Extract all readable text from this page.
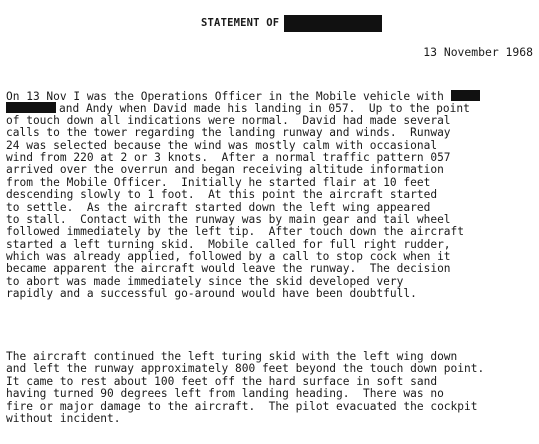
STATEMENT OF
13 November 1968
On 13 Nov I was the Operations Officer in the Mobile vehicle with
and Andy when David made his landing in 057.  Up to the point
of touch down all indications were normal.  David had made several
calls to the tower regarding the landing runway and winds.  Runway
24 was selected because the wind was mostly calm with occasional
wind from 220 at 2 or 3 knots.  After a normal traffic pattern 057
arrived over the overrun and began receiving altitude information
from the Mobile Officer.  Initially he started flair at 10 feet
descending slowly to 1 foot.  At this point the aircraft started
to settle.  As the aircraft started down the left wing appeared
to stall.  Contact with the runway was by main gear and tail wheel
followed immediately by the left tip.  After touch down the aircraft
started a left turning skid.  Mobile called for full right rudder,
which was already applied, followed by a call to stop cock when it
became apparent the aircraft would leave the runway.  The decision
to abort was made immediately since the skid developed very
rapidly and a successful go-around would have been doubtfull.
The aircraft continued the left turing skid with the left wing down
and left the runway approximately 800 feet beyond the touch down point.
It came to rest about 100 feet off the hard surface in soft sand
having turned 90 degrees left from landing heading.  There was no
fire or major damage to the aircraft.  The pilot evacuated the cockpit
without incident.
